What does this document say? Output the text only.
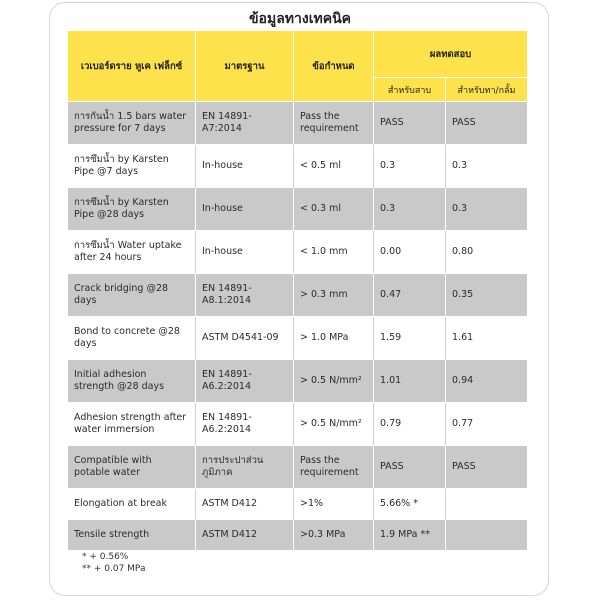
ข้อมูลทางเทคนิค
เวเบอร์ดราย หูเค เฟล็กซ์	มาตรฐาน	ข้อกำหนด	ผลทดสอบ	
			สำหรับสาบ	สำหรับทา/กลั้ม
การกันน้ำ 1.5 bars water pressure for 7 days	EN 14891-A7:2014	Pass the requirement	PASS	PASS
การซึมน้ำ by Karsten Pipe @7 days	In-house	< 0.5 ml	0.3	0.3
การซึมน้ำ by Karsten Pipe @28 days	In-house	< 0.3 ml	0.3	0.3
การซึมน้ำ Water uptake after 24 hours	In-house	< 1.0 mm	0.00	0.80
Crack bridging @28 days	EN 14891-A8.1:2014	> 0.3 mm	0.47	0.35
Bond to concrete @28 days	ASTM D4541-09	> 1.0 MPa	1.59	1.61
Initial adhesion strength @28 days	EN 14891-A6.2:2014	> 0.5 N/mm²	1.01	0.94
Adhesion strength after water immersion	EN 14891-A6.2:2014	> 0.5 N/mm²	0.79	0.77
Compatible with potable water	การประปาส่วนภูมิภาค	Pass the requirement	PASS	PASS
Elongation at break	ASTM D412	>1%	5.66% *	
Tensile strength	ASTM D412	>0.3 MPa	1.9 MPa **	
* + 0.56%
** + 0.07 MPa
